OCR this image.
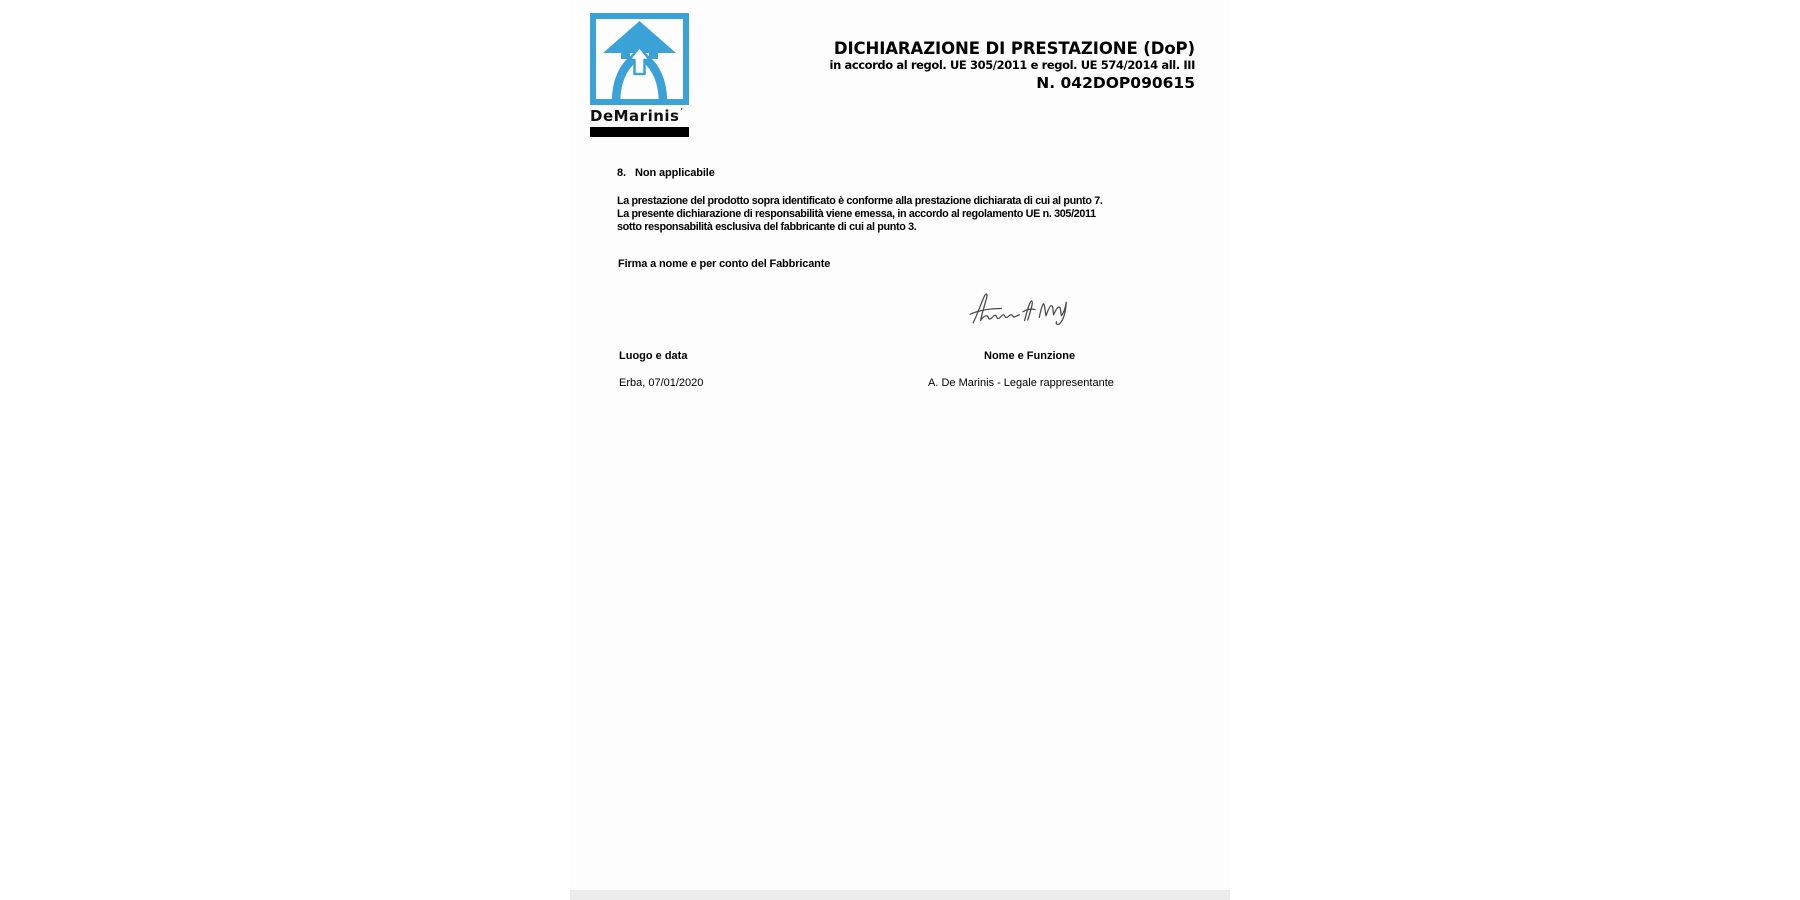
DeMarinis$^ʹ$
DICHIARAZIONE DI PRESTAZIONE (DoP)
in accordo al regol. UE 305/2011 e regol. UE 574/2014 all. III
N. 042DOP090615
8. Non applicabile
La prestazione del prodotto sopra identificato è conforme alla prestazione dichiarata di cui al punto 7.
La presente dichiarazione di responsabilità viene emessa, in accordo al regolamento UE n. 305/2011
sotto responsabilità esclusiva del fabbricante di cui al punto 3.
Firma a nome e per conto del Fabbricante
Luogo e data	Nome e Funzione
Erba, 07/01/2020	A. De Marinis - Legale rappresentante
